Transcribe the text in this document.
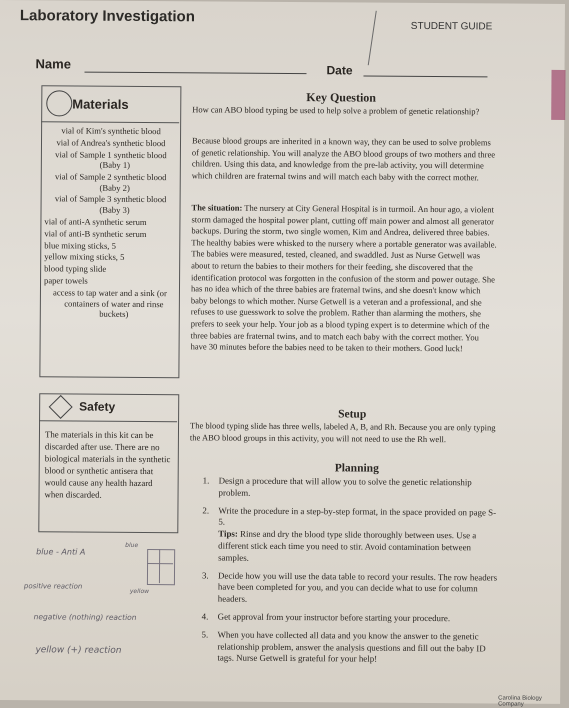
Laboratory Investigation
STUDENT GUIDE
Name	Date
Materials
vial of Kim's synthetic blood
vial of Andrea's synthetic blood
vial of Sample 1 synthetic blood (Baby 1)
vial of Sample 2 synthetic blood (Baby 2)
vial of Sample 3 synthetic blood (Baby 3)
vial of anti-A synthetic serum
vial of anti-B synthetic serum
blue mixing sticks, 5
yellow mixing sticks, 5
blood typing slide
paper towels
access to tap water and a sink (or containers of water and rinse buckets)
Safety
The materials in this kit can be discarded after use. There are no biological materials in the synthetic blood or synthetic antisera that would cause any health hazard when discarded.
Key Question
How can ABO blood typing be used to help solve a problem of genetic relationship?
Because blood groups are inherited in a known way, they can be used to solve problems of genetic relationship. You will analyze the ABO blood groups of two mothers and three children. Using this data, and knowledge from the pre-lab activity, you will determine which children are fraternal twins and will match each baby with the correct mother.
The situation: The nursery at City General Hospital is in turmoil. An hour ago, a violent storm damaged the hospital power plant, cutting off main power and almost all generator backups. During the storm, two single women, Kim and Andrea, delivered three babies. The healthy babies were whisked to the nursery where a portable generator was available. The babies were measured, tested, cleaned, and swaddled. Just as Nurse Getwell was about to return the babies to their mothers for their feeding, she discovered that the identification protocol was forgotten in the confusion of the storm and power outage. She has no idea which of the three babies are fraternal twins, and she doesn't know which baby belongs to which mother. Nurse Getwell is a veteran and a professional, and she refuses to use guesswork to solve the problem. Rather than alarming the mothers, she prefers to seek your help. Your job as a blood typing expert is to determine which of the three babies are fraternal twins, and to match each baby with the correct mother. You have 30 minutes before the babies need to be taken to their mothers. Good luck!
Setup
The blood typing slide has three wells, labeled A, B, and Rh. Because you are only typing the ABO blood groups in this activity, you will not need to use the Rh well.
Planning
1. Design a procedure that will allow you to solve the genetic relationship problem.
2. Write the procedure in a step-by-step format, in the space provided on page S-5.
Tips: Rinse and dry the blood type slide thoroughly between uses. Use a different stick each time you need to stir. Avoid contamination between samples.
3. Decide how you will use the data table to record your results. The row headers have been completed for you, and you can decide what to use for column headers.
4. Get approval from your instructor before starting your procedure.
5. When you have collected all data and you know the answer to the genetic relationship problem, answer the analysis questions and fill out the baby ID tags. Nurse Getwell is grateful for your help!
blue - Anti A
positive reaction
negative (nothing) reaction
yellow (+) reaction
blue
yellow
Carolina Biology Company
